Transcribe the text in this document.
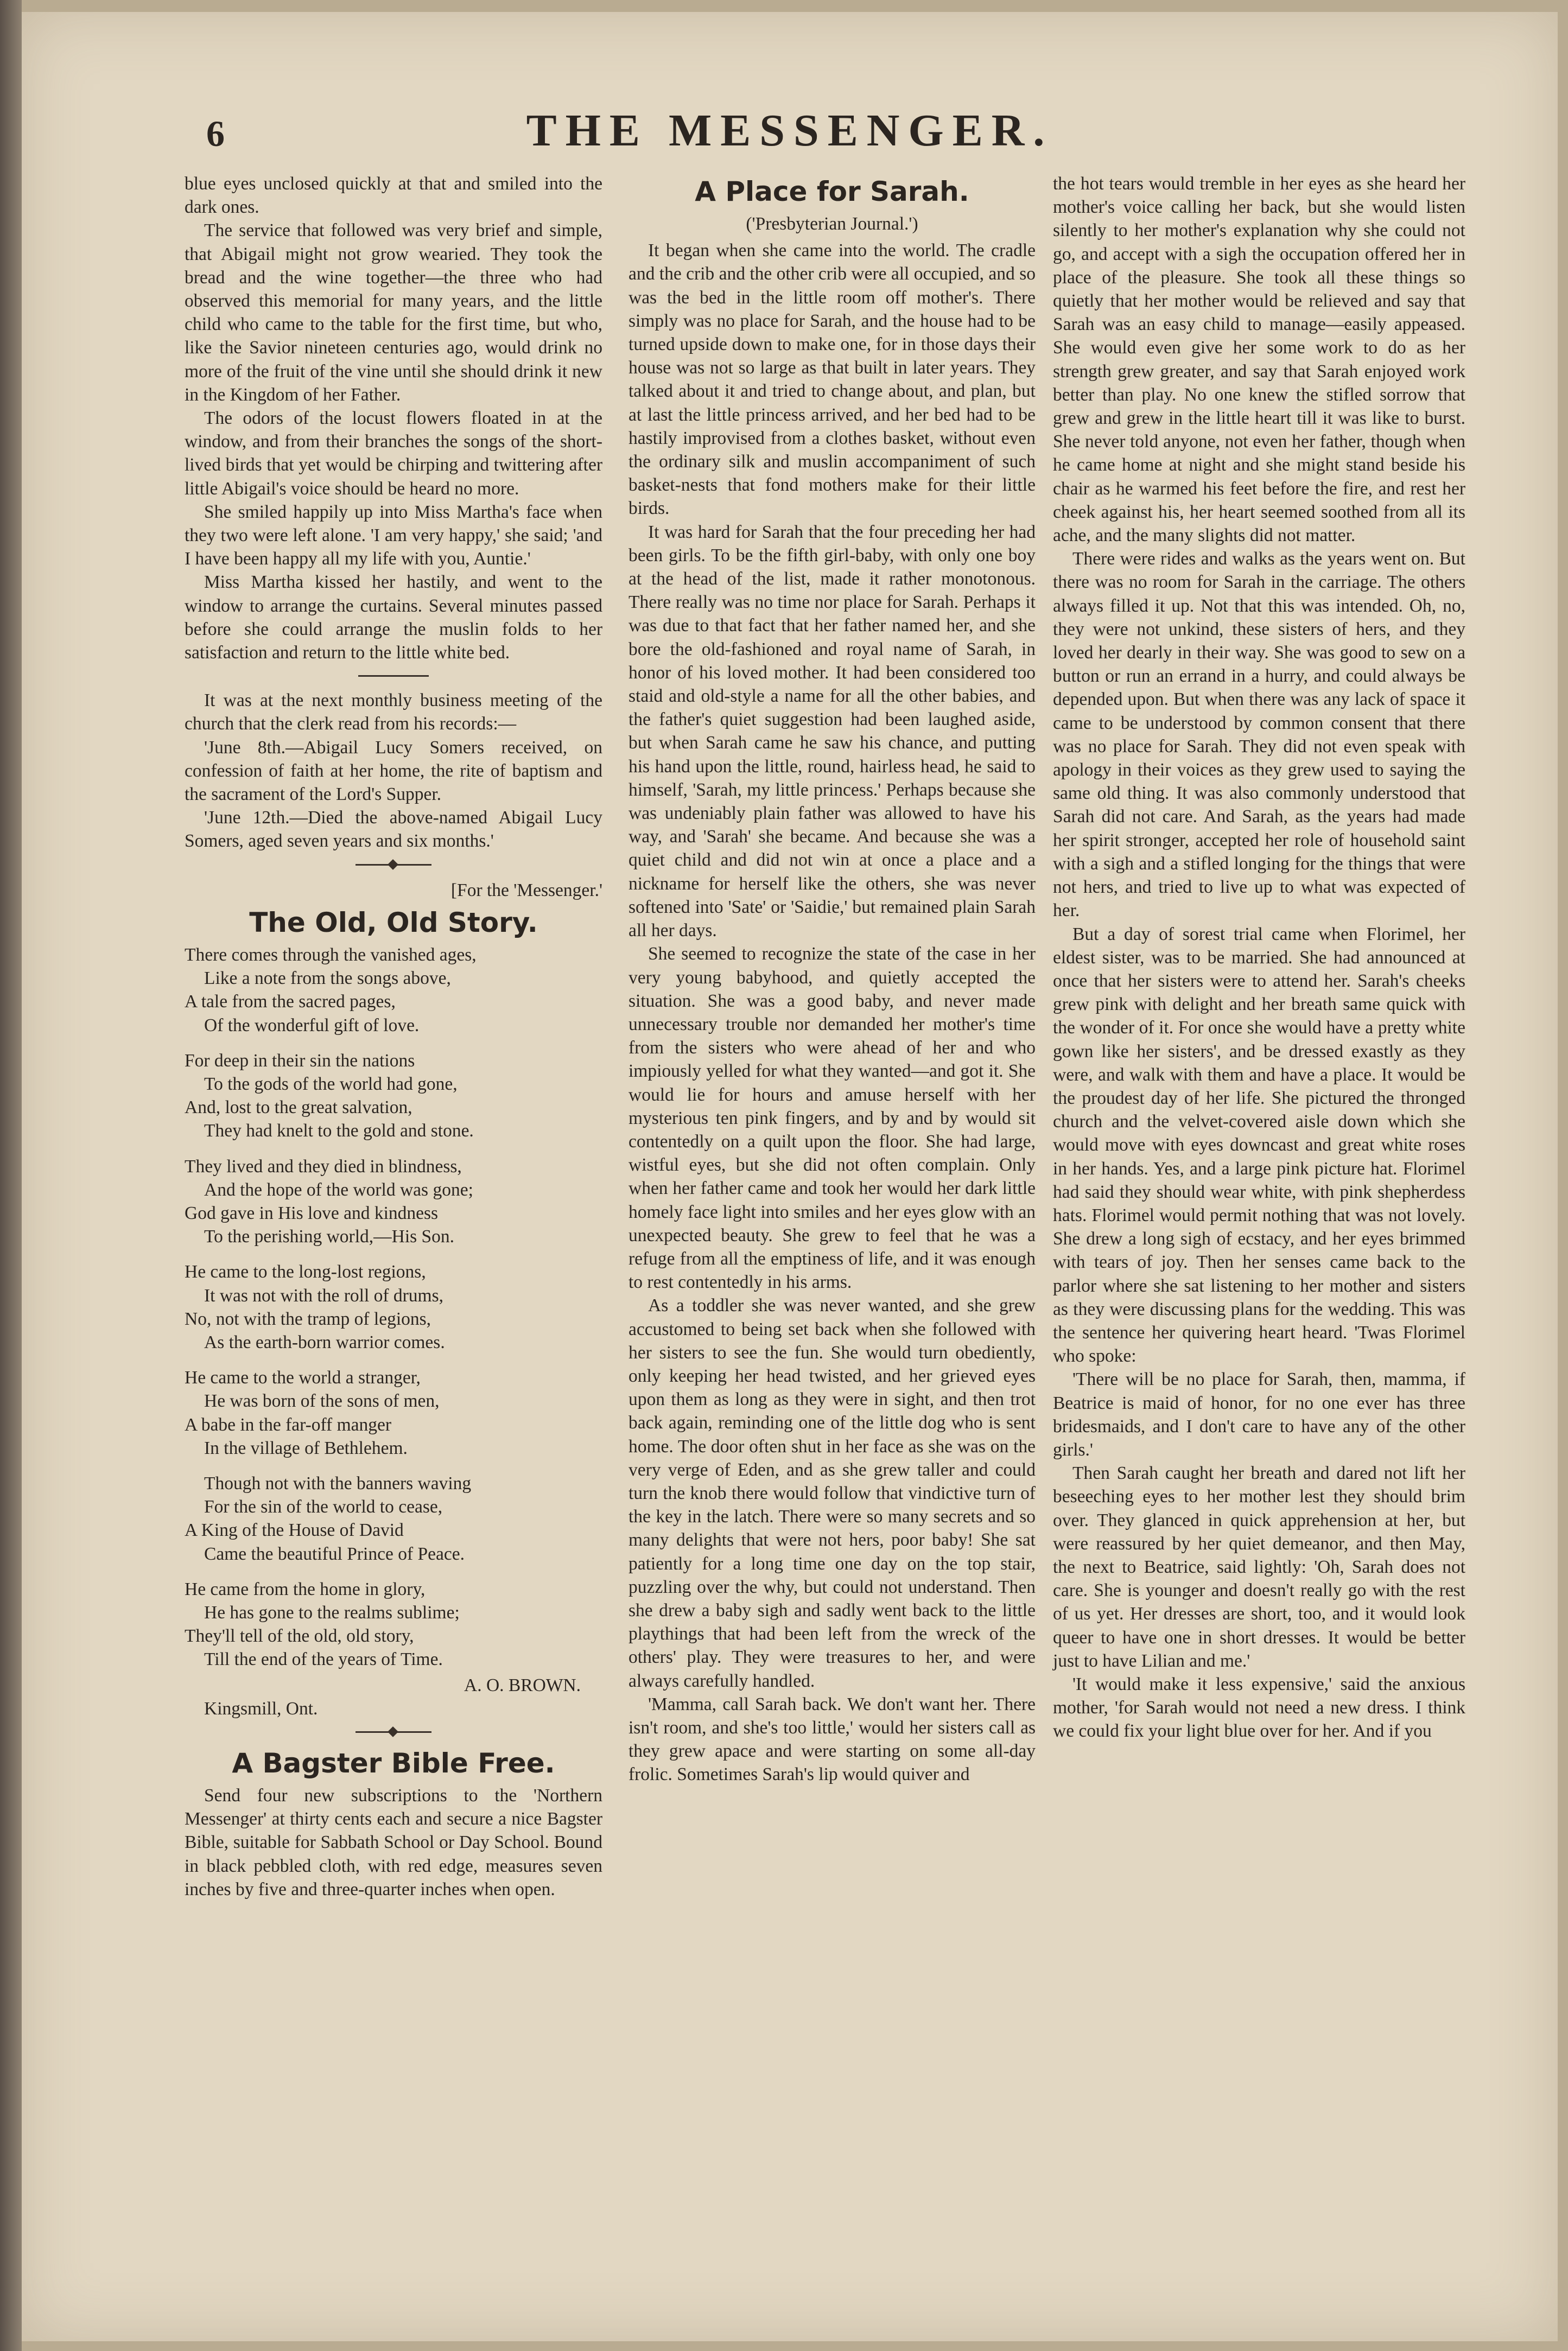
6	THE MESSENGER.

blue eyes unclosed quickly at that and smiled into the dark ones.

The service that followed was very brief and simple, that Abigail might not grow wearied. They took the bread and the wine together—the three who had observed this memorial for many years, and the little child who came to the table for the first time, but who, like the Savior nineteen centuries ago, would drink no more of the fruit of the vine until she should drink it new in the Kingdom of her Father.

The odors of the locust flowers floated in at the window, and from their branches the songs of the short-lived birds that yet would be chirping and twittering after little Abigail's voice should be heard no more.

She smiled happily up into Miss Martha's face when they two were left alone. 'I am very happy,' she said; 'and I have been happy all my life with you, Auntie.'

Miss Martha kissed her hastily, and went to the window to arrange the curtains. Several minutes passed before she could arrange the muslin folds to her satisfaction and return to the little white bed.

It was at the next monthly business meeting of the church that the clerk read from his records:—

'June 8th.—Abigail Lucy Somers received, on confession of faith at her home, the rite of baptism and the sacrament of the Lord's Supper.

'June 12th.—Died the above-named Abigail Lucy Somers, aged seven years and six months.'

[For the 'Messenger.'
The Old, Old Story.
There comes through the vanished ages,
Like a note from the songs above,
A tale from the sacred pages,
Of the wonderful gift of love.
For deep in their sin the nations
To the gods of the world had gone,
And, lost to the great salvation,
They had knelt to the gold and stone.
They lived and they died in blindness,
And the hope of the world was gone;
God gave in His love and kindness
To the perishing world,—His Son.
He came to the long-lost regions,
It was not with the roll of drums,
No, not with the tramp of legions,
As the earth-born warrior comes.
He came to the world a stranger,
He was born of the sons of men,
A babe in the far-off manger
In the village of Bethlehem.
Though not with the banners waving
For the sin of the world to cease,
A King of the House of David
Came the beautiful Prince of Peace.
He came from the home in glory,
He has gone to the realms sublime;
They'll tell of the old, old story,
Till the end of the years of Time.
A. O. BROWN.
Kingsmill, Ont.
A Bagster Bible Free.

Send four new subscriptions to the 'Northern Messenger' at thirty cents each and secure a nice Bagster Bible, suitable for Sabbath School or Day School. Bound in black pebbled cloth, with red edge, measures seven inches by five and three-quarter inches when open.

A Place for Sarah.
('Presbyterian Journal.')

It began when she came into the world. The cradle and the crib and the other crib were all occupied, and so was the bed in the little room off mother's. There simply was no place for Sarah, and the house had to be turned upside down to make one, for in those days their house was not so large as that built in later years. They talked about it and tried to change about, and plan, but at last the little princess arrived, and her bed had to be hastily improvised from a clothes basket, without even the ordinary silk and muslin accompaniment of such basket-nests that fond mothers make for their little birds.

It was hard for Sarah that the four preceding her had been girls. To be the fifth girl-baby, with only one boy at the head of the list, made it rather monotonous. There really was no time nor place for Sarah. Perhaps it was due to that fact that her father named her, and she bore the old-fashioned and royal name of Sarah, in honor of his loved mother. It had been considered too staid and old-style a name for all the other babies, and the father's quiet suggestion had been laughed aside, but when Sarah came he saw his chance, and putting his hand upon the little, round, hairless head, he said to himself, 'Sarah, my little princess.' Perhaps because she was undeniably plain father was allowed to have his way, and 'Sarah' she became. And because she was a quiet child and did not win at once a place and a nickname for herself like the others, she was never softened into 'Sate' or 'Saidie,' but remained plain Sarah all her days.

She seemed to recognize the state of the case in her very young babyhood, and quietly accepted the situation. She was a good baby, and never made unnecessary trouble nor demanded her mother's time from the sisters who were ahead of her and who impiously yelled for what they wanted—and got it. She would lie for hours and amuse herself with her mysterious ten pink fingers, and by and by would sit contentedly on a quilt upon the floor. She had large, wistful eyes, but she did not often complain. Only when her father came and took her would her dark little homely face light into smiles and her eyes glow with an unexpected beauty. She grew to feel that he was a refuge from all the emptiness of life, and it was enough to rest contentedly in his arms.

As a toddler she was never wanted, and she grew accustomed to being set back when she followed with her sisters to see the fun. She would turn obediently, only keeping her head twisted, and her grieved eyes upon them as long as they were in sight, and then trot back again, reminding one of the little dog who is sent home. The door often shut in her face as she was on the very verge of Eden, and as she grew taller and could turn the knob there would follow that vindictive turn of the key in the latch. There were so many secrets and so many delights that were not hers, poor baby! She sat patiently for a long time one day on the top stair, puzzling over the why, but could not understand. Then she drew a baby sigh and sadly went back to the little playthings that had been left from the wreck of the others' play. They were treasures to her, and were always carefully handled.

'Mamma, call Sarah back. We don't want her. There isn't room, and she's too little,' would her sisters call as they grew apace and were starting on some all-day frolic. Sometimes Sarah's lip would quiver and

the hot tears would tremble in her eyes as she heard her mother's voice calling her back, but she would listen silently to her mother's explanation why she could not go, and accept with a sigh the occupation offered her in place of the pleasure. She took all these things so quietly that her mother would be relieved and say that Sarah was an easy child to manage—easily appeased. She would even give her some work to do as her strength grew greater, and say that Sarah enjoyed work better than play. No one knew the stifled sorrow that grew and grew in the little heart till it was like to burst. She never told anyone, not even her father, though when he came home at night and she might stand beside his chair as he warmed his feet before the fire, and rest her cheek against his, her heart seemed soothed from all its ache, and the many slights did not matter.

There were rides and walks as the years went on. But there was no room for Sarah in the carriage. The others always filled it up. Not that this was intended. Oh, no, they were not unkind, these sisters of hers, and they loved her dearly in their way. She was good to sew on a button or run an errand in a hurry, and could always be depended upon. But when there was any lack of space it came to be understood by common consent that there was no place for Sarah. They did not even speak with apology in their voices as they grew used to saying the same old thing. It was also commonly understood that Sarah did not care. And Sarah, as the years had made her spirit stronger, accepted her role of household saint with a sigh and a stifled longing for the things that were not hers, and tried to live up to what was expected of her.

But a day of sorest trial came when Florimel, her eldest sister, was to be married. She had announced at once that her sisters were to attend her. Sarah's cheeks grew pink with delight and her breath same quick with the wonder of it. For once she would have a pretty white gown like her sisters', and be dressed exastly as they were, and walk with them and have a place. It would be the proudest day of her life. She pictured the thronged church and the velvet-covered aisle down which she would move with eyes downcast and great white roses in her hands. Yes, and a large pink picture hat. Florimel had said they should wear white, with pink shepherdess hats. Florimel would permit nothing that was not lovely. She drew a long sigh of ecstacy, and her eyes brimmed with tears of joy. Then her senses came back to the parlor where she sat listening to her mother and sisters as they were discussing plans for the wedding. This was the sentence her quivering heart heard. 'Twas Florimel who spoke:

'There will be no place for Sarah, then, mamma, if Beatrice is maid of honor, for no one ever has three bridesmaids, and I don't care to have any of the other girls.'

Then Sarah caught her breath and dared not lift her beseeching eyes to her mother lest they should brim over. They glanced in quick apprehension at her, but were reassured by her quiet demeanor, and then May, the next to Beatrice, said lightly: 'Oh, Sarah does not care. She is younger and doesn't really go with the rest of us yet. Her dresses are short, too, and it would look queer to have one in short dresses. It would be better just to have Lilian and me.'

'It would make it less expensive,' said the anxious mother, 'for Sarah would not need a new dress. I think we could fix your light blue over for her. And if you
